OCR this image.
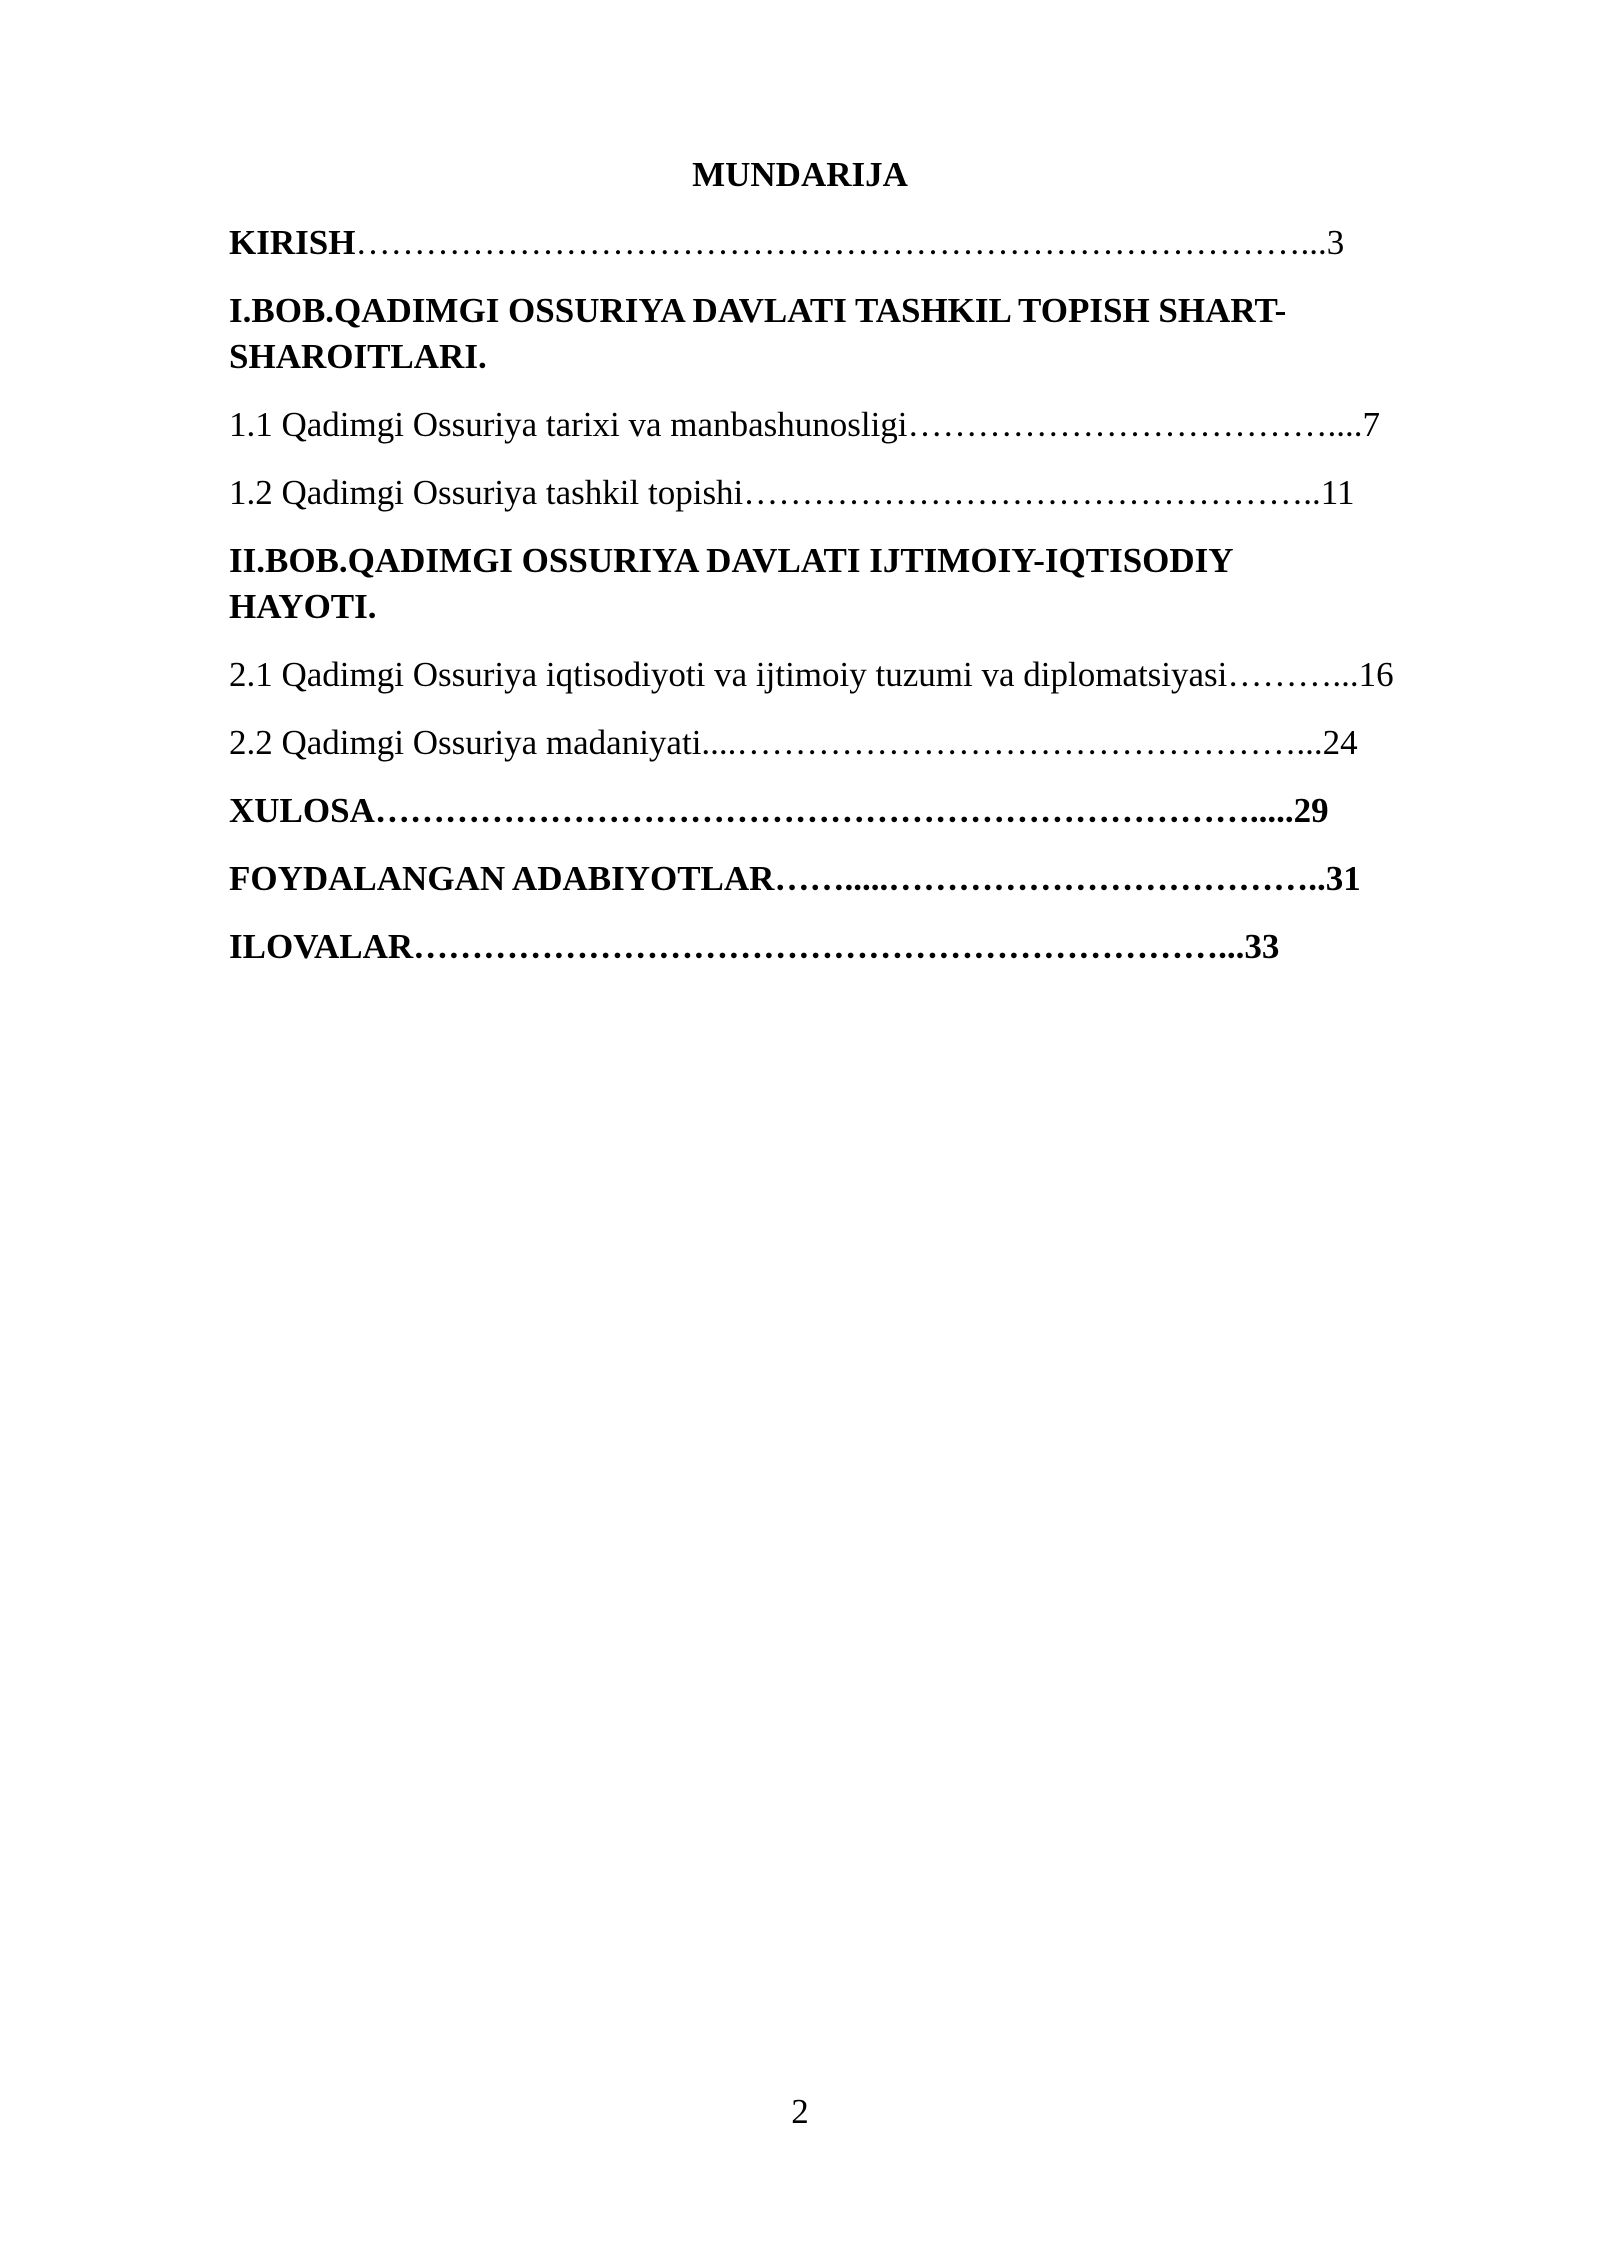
MUNDARIJA
KIRISH………………………………………………………………………...3
I.BOB.QADIMGI OSSURIYA DAVLATI TASHKIL TOPISH SHART-
SHAROITLARI.
1.1 Qadimgi Ossuriya tarixi va manbashunosligi………………………………....7
1.2 Qadimgi Ossuriya tashkil topishi…………………………………………..11
II.BOB.QADIMGI OSSURIYA DAVLATI IJTIMOIY-IQTISODIY
HAYOTI.
2.1 Qadimgi Ossuriya iqtisodiyoti va ijtimoiy tuzumi va diplomatsiyasi………...16
2.2 Qadimgi Ossuriya madaniyati....…………………………………………...24
XULOSA………………………………………………………………….....29
FOYDALANGAN ADABIYOTLAR…….....………………………………..31
ILOVALAR……………………………………………………………...33
2
